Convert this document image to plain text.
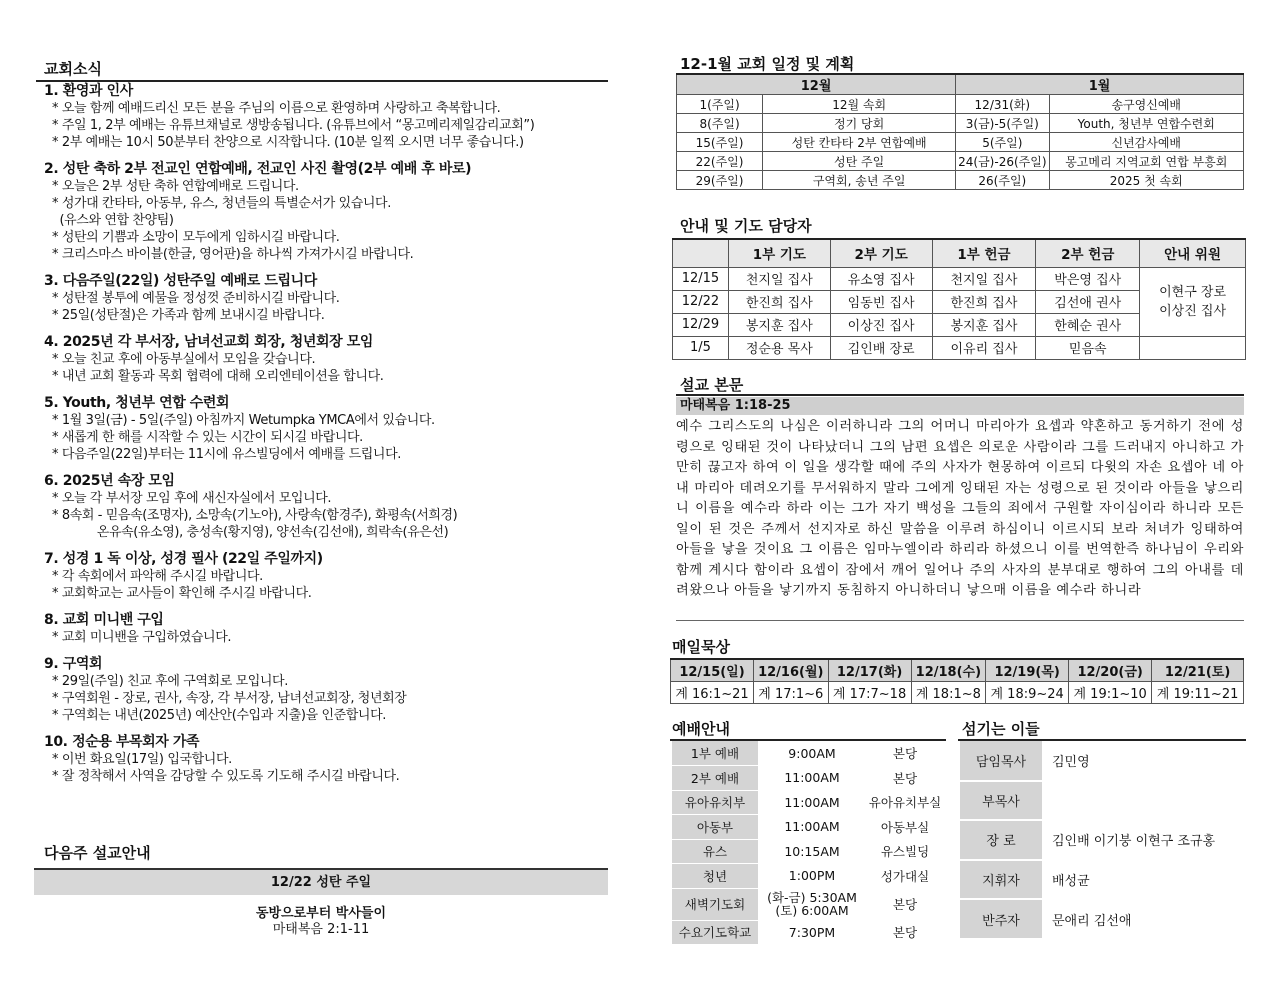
교회소식
1. 환영과 인사
* 오늘 함께 예배드리신 모든 분을 주님의 이름으로 환영하며 사랑하고 축복합니다.
* 주일 1, 2부 예배는 유튜브채널로 생방송됩니다. (유튜브에서 “몽고메리제일감리교회”)
* 2부 예배는 10시 50분부터 찬양으로 시작합니다. (10분 일찍 오시면 너무 좋습니다.)
2. 성탄 축하 2부 전교인 연합예배, 전교인 사진 촬영(2부 예배 후 바로)
* 오늘은 2부 성탄 축하 연합예배로 드립니다.
* 성가대 칸타타, 아동부, 유스, 청년들의 특별순서가 있습니다.
(유스와 연합 찬양팀)
* 성탄의 기쁨과 소망이 모두에게 임하시길 바랍니다.
* 크리스마스 바이블(한글, 영어판)을 하나씩 가져가시길 바랍니다.
3. 다음주일(22일) 성탄주일 예배로 드립니다
* 성탄절 봉투에 예물을 정성껏 준비하시길 바랍니다.
* 25일(성탄절)은 가족과 함께 보내시길 바랍니다.
4. 2025년 각 부서장, 남녀선교회 회장, 청년회장 모임
* 오늘 친교 후에 아동부실에서 모임을 갖습니다.
* 내년 교회 활동과 목회 협력에 대해 오리엔테이션을 합니다.
5. Youth, 청년부 연합 수련회
* 1월 3일(금) - 5일(주일) 아침까지 Wetumpka YMCA에서 있습니다.
* 새롭게 한 해를 시작할 수 있는 시간이 되시길 바랍니다.
* 다음주일(22일)부터는 11시에 유스빌딩에서 예배를 드립니다.
6. 2025년 속장 모임
* 오늘 각 부서장 모임 후에 새신자실에서 모입니다.
* 8속회 - 믿음속(조명자), 소망속(기노아), 사랑속(함경주), 화평속(서희경)
온유속(유소영), 충성속(황지영), 양선속(김선애), 희락속(유은선)
7. 성경 1 독 이상, 성경 필사 (22일 주일까지)
* 각 속회에서 파악해 주시길 바랍니다.
* 교회학교는 교사들이 확인해 주시길 바랍니다.
8. 교회 미니밴 구입
* 교회 미니밴을 구입하였습니다.
9. 구역회
* 29일(주일) 친교 후에 구역회로 모입니다.
* 구역회원 - 장로, 권사, 속장, 각 부서장, 남녀선교회장, 청년회장
* 구역회는 내년(2025년) 예산안(수입과 지출)을 인준합니다.
10. 정순용 부목회자 가족
* 이번 화요일(17일) 입국합니다.
* 잘 정착해서 사역을 감당할 수 있도록 기도해 주시길 바랍니다.
다음주 설교안내
12/22 성탄 주일
동방으로부터 박사들이
마태복음 2:1-11
12-1월 교회 일정 및 계획
12월		1월	
1(주일)	12월 속회	12/31(화)	송구영신예배
8(주일)	정기 당회	3(금)-5(주일)	Youth, 청년부 연합수련회
15(주일)	성탄 칸타타 2부 연합예배	5(주일)	신년감사예배
22(주일)	성탄 주일	24(금)-26(주일)	몽고메리 지역교회 연합 부흥회
29(주일)	구역회, 송년 주일	26(주일)	2025 첫 속회
안내 및 기도 담당자
	1부 기도	2부 기도	1부 헌금	2부 헌금	안내 위원
12/15	천지일 집사	유소영 집사	천지일 집사	박은영 집사	이현구 장로
이상진 집사

12/22	한진희 집사	임동빈 집사	한진희 집사	김선애 권사	
12/29	봉지훈 집사	이상진 집사	봉지훈 집사	한혜순 권사	
1/5	정순용 목사	김인배 장로	이유리 집사	믿음속	
설교 본문
마태복음 1:18-25
예수 그리스도의 나심은 이러하니라 그의 어머니 마리아가 요셉과 약혼하고 동거하기 전에 성령으로 잉태된 것이 나타났더니 그의 남편 요셉은 의로운 사람이라 그를 드러내지 아니하고 가만히 끊고자 하여 이 일을 생각할 때에 주의 사자가 현몽하여 이르되 다윗의 자손 요셉아 네 아내 마리아 데려오기를 무서워하지 말라 그에게 잉태된 자는 성령으로 된 것이라 아들을 낳으리니 이름을 예수라 하라 이는 그가 자기 백성을 그들의 죄에서 구원할 자이심이라 하니라 모든 일이 된 것은 주께서 선지자로 하신 말씀을 이루려 하심이니 이르시되 보라 처녀가 잉태하여 아들을 낳을 것이요 그 이름은 임마누엘이라 하리라 하셨으니 이를 번역한즉 하나님이 우리와 함께 계시다 함이라 요셉이 잠에서 깨어 일어나 주의 사자의 분부대로 행하여 그의 아내를 데려왔으나 아들을 낳기까지 동침하지 아니하더니 낳으매 이름을 예수라 하니라
매일묵상
12/15(일)	12/16(월)	12/17(화)	12/18(수)	12/19(목)	12/20(금)	12/21(토)
계 16:1~21	계 17:1~6	계 17:7~18	계 18:1~8	계 18:9~24	계 19:1~10	계 19:11~21
예배안내
1부 예배	9:00AM	본당
2부 예배	11:00AM	본당
유아유치부	11:00AM	유아유치부실
아동부	11:00AM	아동부실
유스	10:15AM	유스빌딩
청년	1:00PM	성가대실
새벽기도회	(화-금) 5:30AM
(토) 6:00AM	본당
수요기도학교	7:30PM	본당
섬기는 이들
담임목사	김민영
부목사	
장 로	김인배 이기붕 이현구 조규홍
지휘자	배성균
반주자	문애리 김선애
